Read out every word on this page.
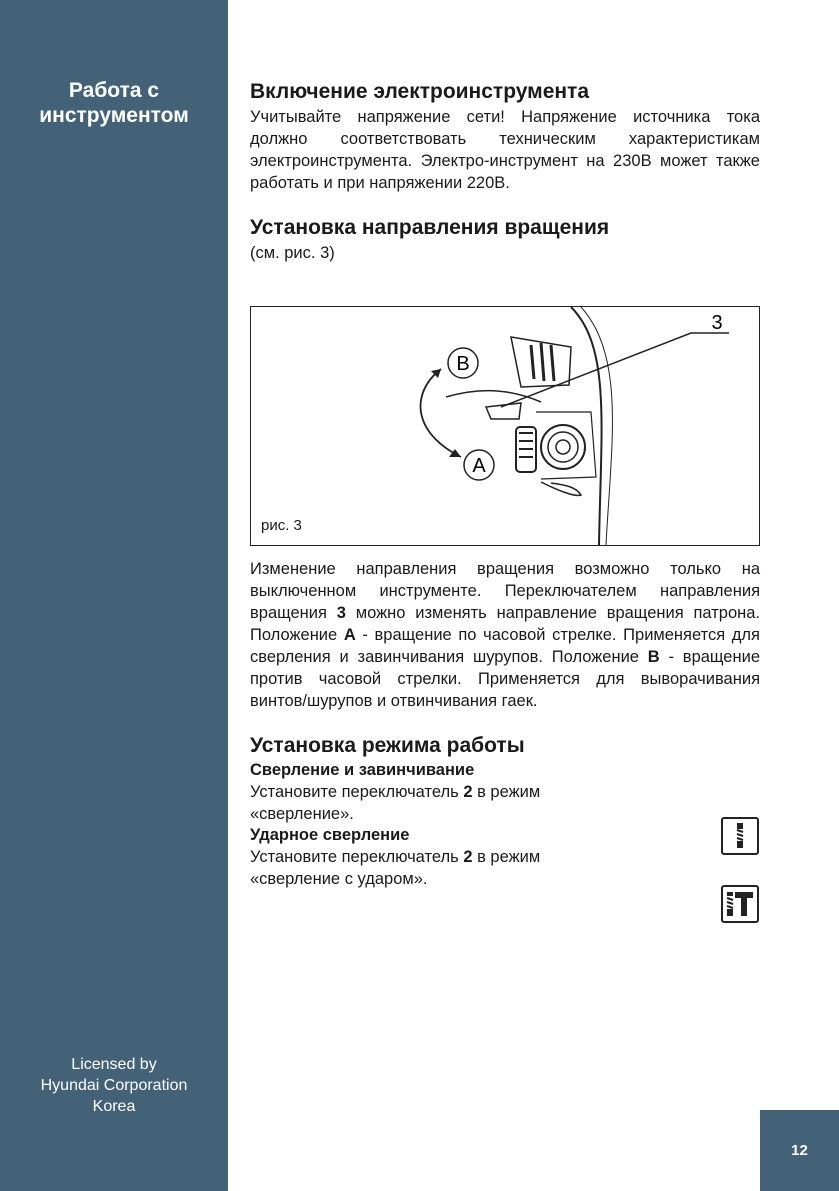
Работа с
инструментом
Licensed by
Hyundai Corporation
Korea
12
Включение электроинструмента

Учитывайте напряжение сети! Напряжение источника тока должно соответствовать техническим характеристикам электроинструмента. Электро-инструмент на 230В может также работать и при напряжении 220В.

Установка направления вращения

(см. рис. 3)

B
A
3
рис. 3

Изменение направления вращения возможно только на выключенном инструменте. Переключателем направления вращения 3 можно изменять направление вращения патрона. Положение А - вращение по часовой стрелке. Применяется для сверления и завинчивания шурупов. Положение В - вращение против часовой стрелки. Применяется для выворачивания винтов/шурупов и отвинчивания гаек.

Установка режима работы

Сверление и завинчивание

Установите переключатель 2 в режим «сверление».

Ударное сверление

Установите переключатель 2 в режим «сверление с ударом».
